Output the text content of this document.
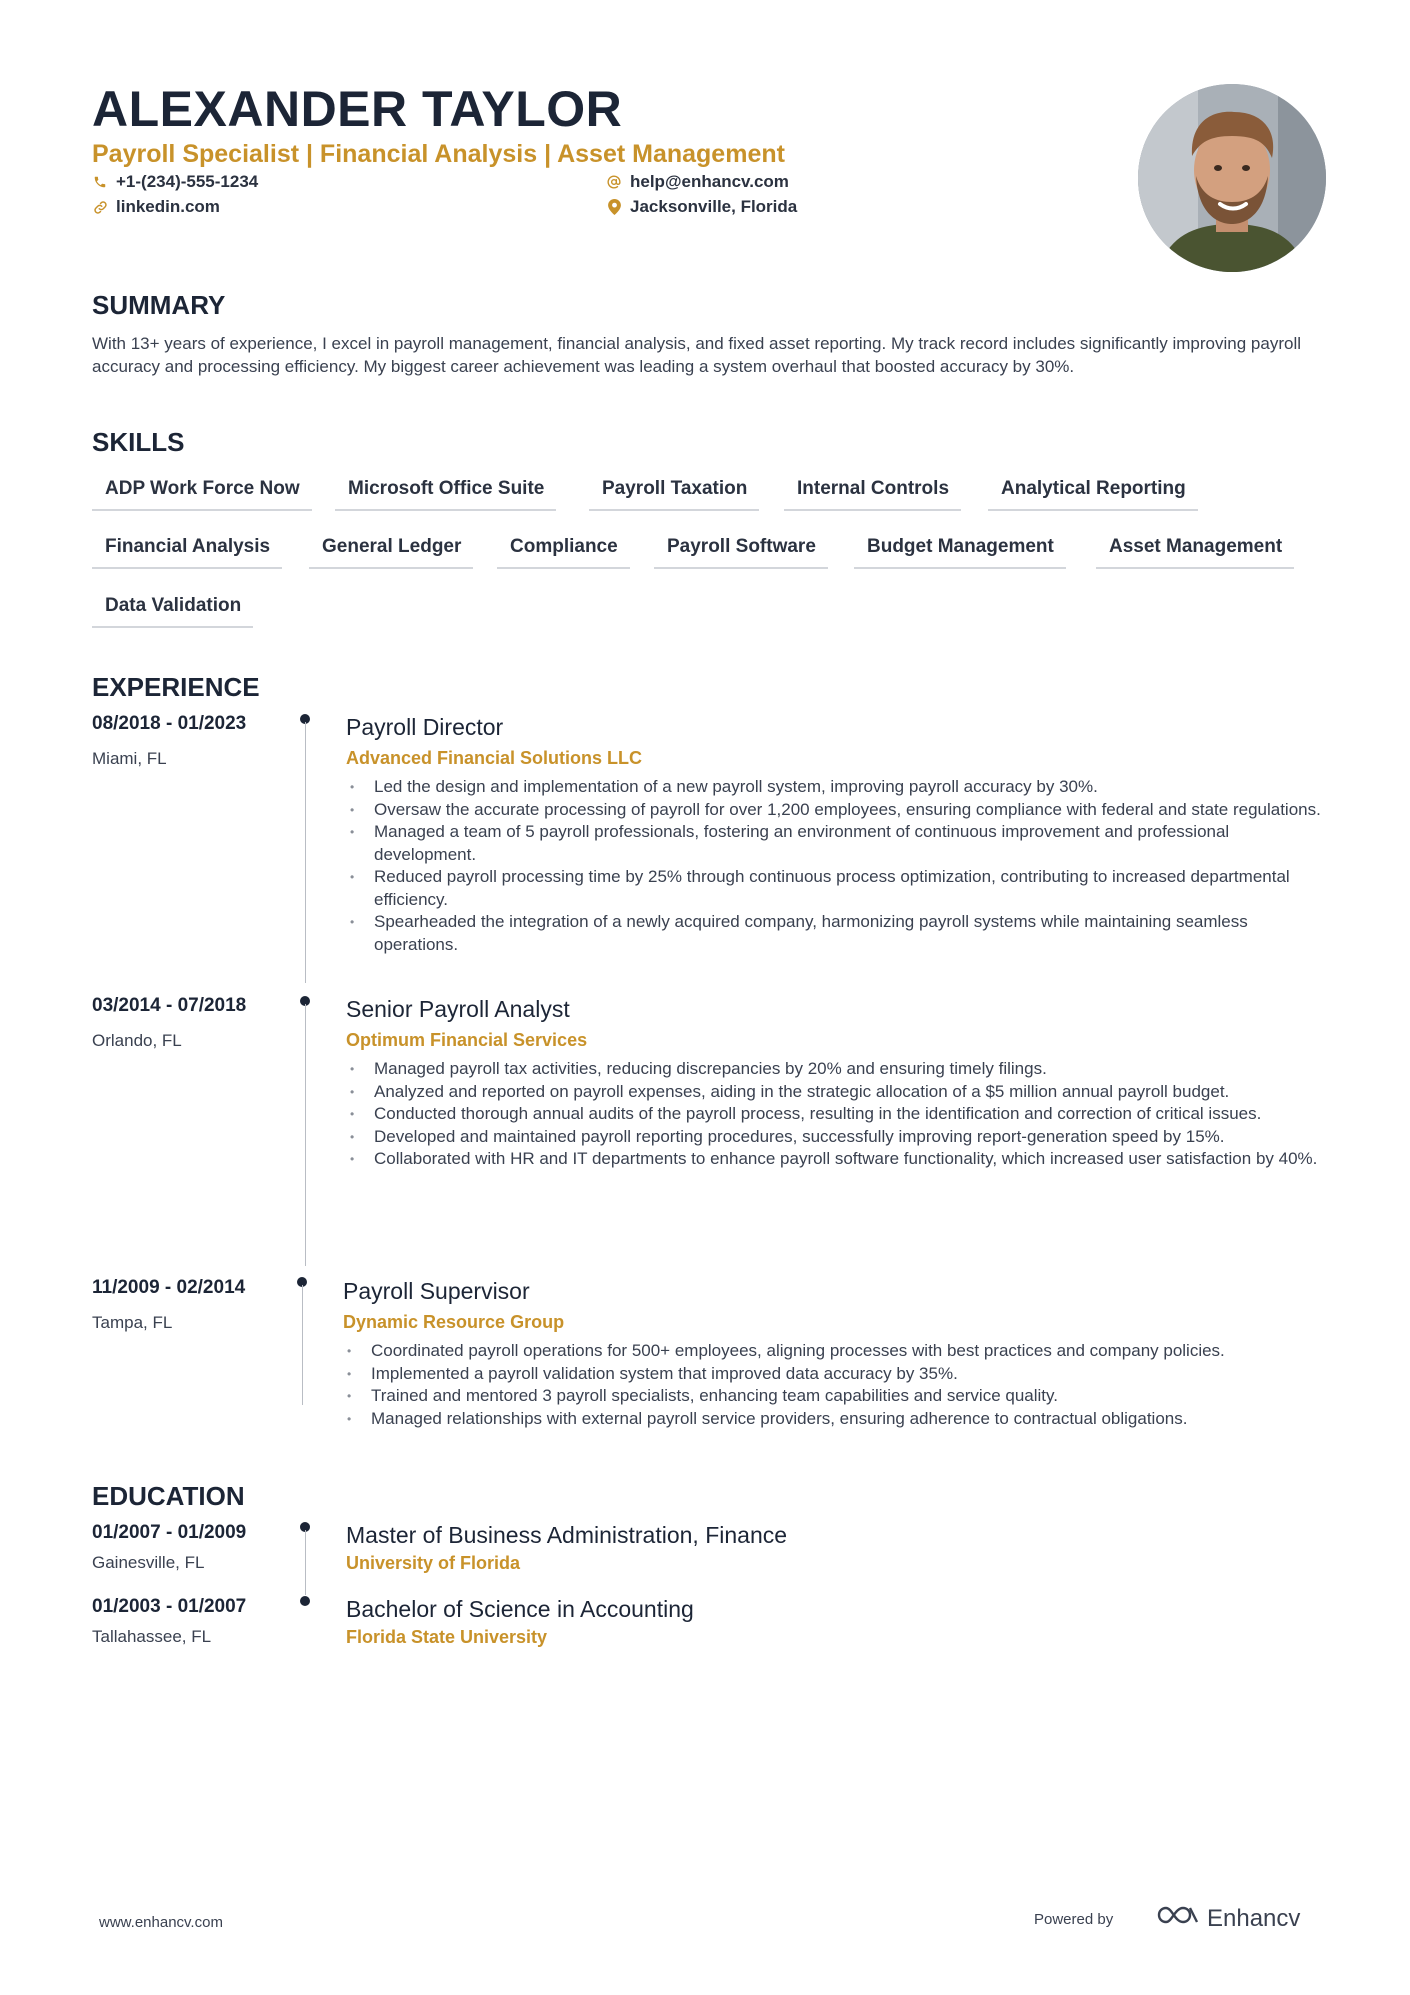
ALEXANDER TAYLOR
Payroll Specialist | Financial Analysis | Asset Management
+1-(234)-555-1234
linkedin.com
help@enhancv.com
Jacksonville, Florida
SUMMARY
With 13+ years of experience, I excel in payroll management, financial analysis, and fixed asset reporting. My track record includes significantly improving payroll accuracy and processing efficiency. My biggest career achievement was leading a system overhaul that boosted accuracy by 30%.
SKILLS
ADP Work Force Now	Microsoft Office Suite	Payroll Taxation	Internal Controls	Analytical Reporting
Financial Analysis	General Ledger	Compliance	Payroll Software	Budget Management	Asset Management
Data Validation
EXPERIENCE
08/2018 - 01/2023
Miami, FL
Payroll Director
Advanced Financial Solutions LLC
• Led the design and implementation of a new payroll system, improving payroll accuracy by 30%.
• Oversaw the accurate processing of payroll for over 1,200 employees, ensuring compliance with federal and state regulations.
• Managed a team of 5 payroll professionals, fostering an environment of continuous improvement and professional development.
• Reduced payroll processing time by 25% through continuous process optimization, contributing to increased departmental efficiency.
• Spearheaded the integration of a newly acquired company, harmonizing payroll systems while maintaining seamless operations.
03/2014 - 07/2018
Orlando, FL
Senior Payroll Analyst
Optimum Financial Services
• Managed payroll tax activities, reducing discrepancies by 20% and ensuring timely filings.
• Analyzed and reported on payroll expenses, aiding in the strategic allocation of a $5 million annual payroll budget.
• Conducted thorough annual audits of the payroll process, resulting in the identification and correction of critical issues.
• Developed and maintained payroll reporting procedures, successfully improving report-generation speed by 15%.
• Collaborated with HR and IT departments to enhance payroll software functionality, which increased user satisfaction by 40%.
11/2009 - 02/2014
Tampa, FL
Payroll Supervisor
Dynamic Resource Group
• Coordinated payroll operations for 500+ employees, aligning processes with best practices and company policies.
• Implemented a payroll validation system that improved data accuracy by 35%.
• Trained and mentored 3 payroll specialists, enhancing team capabilities and service quality.
• Managed relationships with external payroll service providers, ensuring adherence to contractual obligations.
EDUCATION
01/2007 - 01/2009
Gainesville, FL
Master of Business Administration, Finance
University of Florida
01/2003 - 01/2007
Tallahassee, FL
Bachelor of Science in Accounting
Florida State University
www.enhancv.com	Powered by	Enhancv
